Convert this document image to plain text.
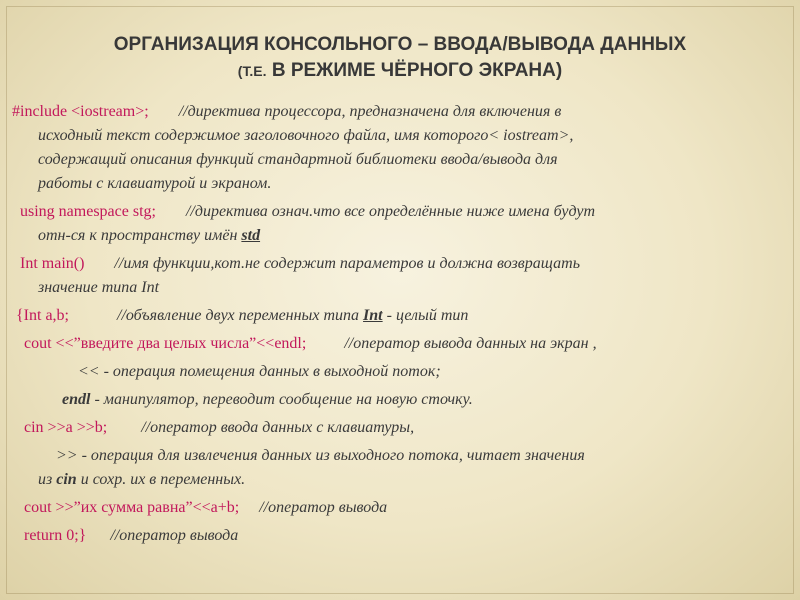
ОРГАНИЗАЦИЯ КОНСОЛЬНОГО – ВВОДА/ВЫВОДА ДАННЫХ
(Т.Е. В РЕЖИМЕ ЧЁРНОГО ЭКРАНА)
#include <iostream>; //директива процессора, предназначена для включения в
исходный текст содержимое заголовочного файла, имя которого< iostream>,
содержащий описания функций стандартной библиотеки ввода/вывода для
работы с клавиатурой и экраном.
using namespace stg; //директива означ.что все определённые ниже имена будут
отн-ся к пространству имён std
Int main() //имя функции,кот.не содержит параметров и должна возвращать
значение типа Int
{Int a,b;	//объявление двух переменных типа Int - целый тип
cout <<”введите два целых числа”<<endl; //оператор вывода данных на экран ,
<< - операция помещения данных в выходной поток;
endl - манипулятор, переводит сообщение на новую сточку.
cin >>a >>b; //оператор ввода данных с клавиатуры,
>> - операция для извлечения данных из выходного потока, читает значения
из cin и сохр. их в переменных.
cout >>”их сумма равна”<<a+b; //оператор вывода
return 0;} //оператор вывода
